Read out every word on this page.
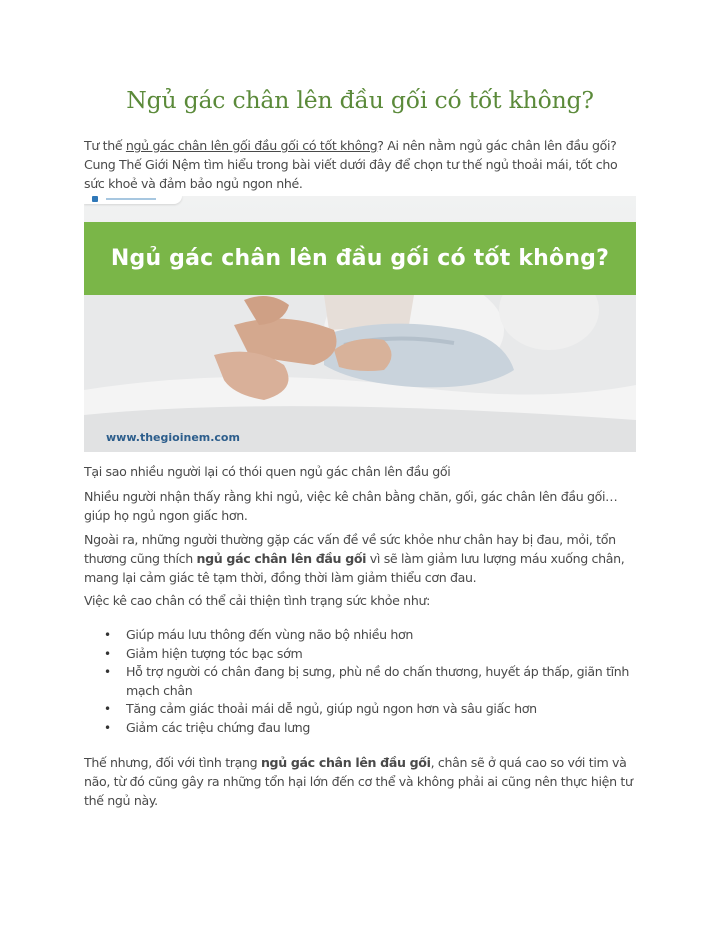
Ngủ gác chân lên đầu gối có tốt không?

Tư thế ngủ gác chân lên gối đầu gối có tốt không? Ai nên nằm ngủ gác chân lên đầu gối? Cung Thế Giới Nệm tìm hiểu trong bài viết dưới đây để chọn tư thế ngủ thoải mái, tốt cho sức khoẻ và đảm bảo ngủ ngon nhé.

Ngủ gác chân lên đầu gối có tốt không?
www.thegioinem.com

Tại sao nhiều người lại có thói quen ngủ gác chân lên đầu gối

Nhiều người nhận thấy rằng khi ngủ, việc kê chân bằng chăn, gối, gác chân lên đầu gối… giúp họ ngủ ngon giấc hơn.

Ngoài ra, những người thường gặp các vấn đề về sức khỏe như chân hay bị đau, mỏi, tổn thương cũng thích ngủ gác chân lên đầu gối vì sẽ làm giảm lưu lượng máu xuống chân, mang lại cảm giác tê tạm thời, đồng thời làm giảm thiểu cơn đau.

Việc kê cao chân có thể cải thiện tình trạng sức khỏe như:

• Giúp máu lưu thông đến vùng não bộ nhiều hơn
• Giảm hiện tượng tóc bạc sớm
• Hỗ trợ người có chân đang bị sưng, phù nề do chấn thương, huyết áp thấp, giãn tĩnh mạch chân
• Tăng cảm giác thoải mái dễ ngủ, giúp ngủ ngon hơn và sâu giấc hơn
• Giảm các triệu chứng đau lưng

Thế nhưng, đối với tình trạng ngủ gác chân lên đầu gối, chân sẽ ở quá cao so với tim và não, từ đó cũng gây ra những tổn hại lớn đến cơ thể và không phải ai cũng nên thực hiện tư thế ngủ này.
